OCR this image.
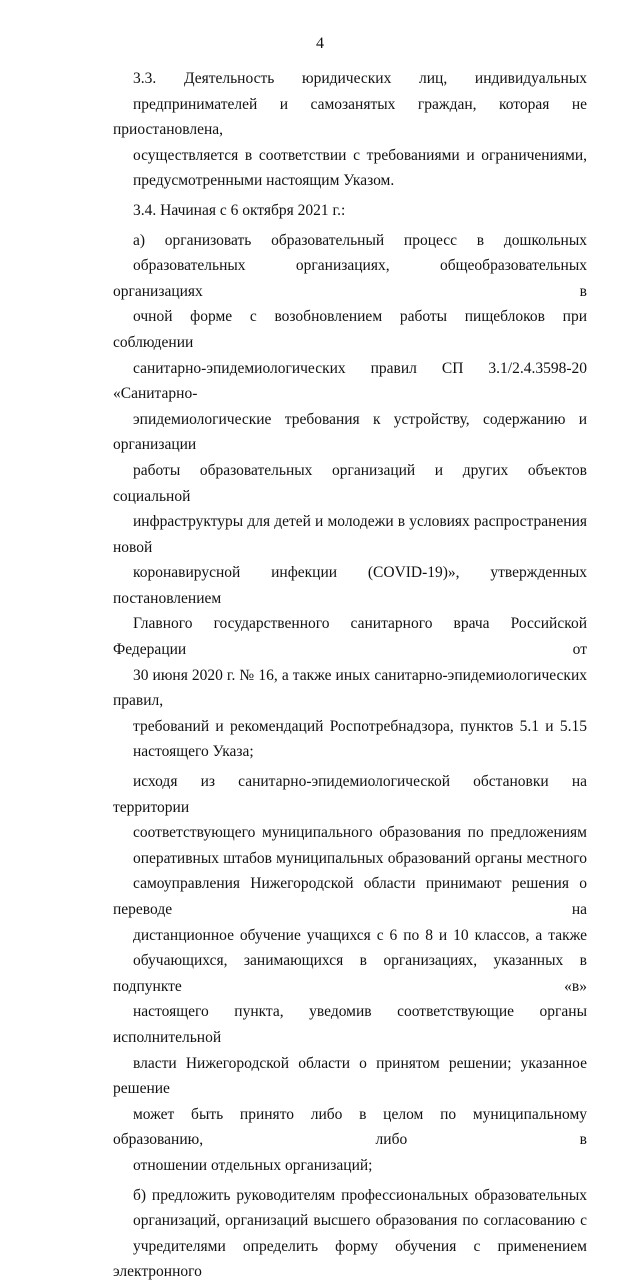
4
3.3. Деятельность юридических лиц, индивидуальных
предпринимателей и самозанятых граждан, которая не приостановлена,
осуществляется в соответствии с требованиями и ограничениями,
предусмотренными настоящим Указом.
3.4. Начиная с 6 октября 2021 г.:
а) организовать образовательный процесс в дошкольных
образовательных организациях, общеобразовательных организациях в
очной форме с возобновлением работы пищеблоков при соблюдении
санитарно-эпидемиологических правил СП 3.1/2.4.3598-20 «Санитарно-
эпидемиологические требования к устройству, содержанию и организации
работы образовательных организаций и других объектов социальной
инфраструктуры для детей и молодежи в условиях распространения новой
коронавирусной инфекции (COVID-19)», утвержденных постановлением
Главного государственного санитарного врача Российской Федерации от
30 июня 2020 г. № 16, а также иных санитарно-эпидемиологических правил,
требований и рекомендаций Роспотребнадзора, пунктов 5.1 и 5.15
настоящего Указа;
исходя из санитарно-эпидемиологической обстановки на территории
соответствующего муниципального образования по предложениям
оперативных штабов муниципальных образований органы местного
самоуправления Нижегородской области принимают решения о переводе на
дистанционное обучение учащихся с 6 по 8 и 10 классов, а также
обучающихся, занимающихся в организациях, указанных в подпункте «в»
настоящего пункта, уведомив соответствующие органы исполнительной
власти Нижегородской области о принятом решении; указанное решение
может быть принято либо в целом по муниципальному образованию, либо в
отношении отдельных организаций;
б) предложить руководителям профессиональных образовательных
организаций, организаций высшего образования по согласованию с
учредителями определить форму обучения с применением электронного
